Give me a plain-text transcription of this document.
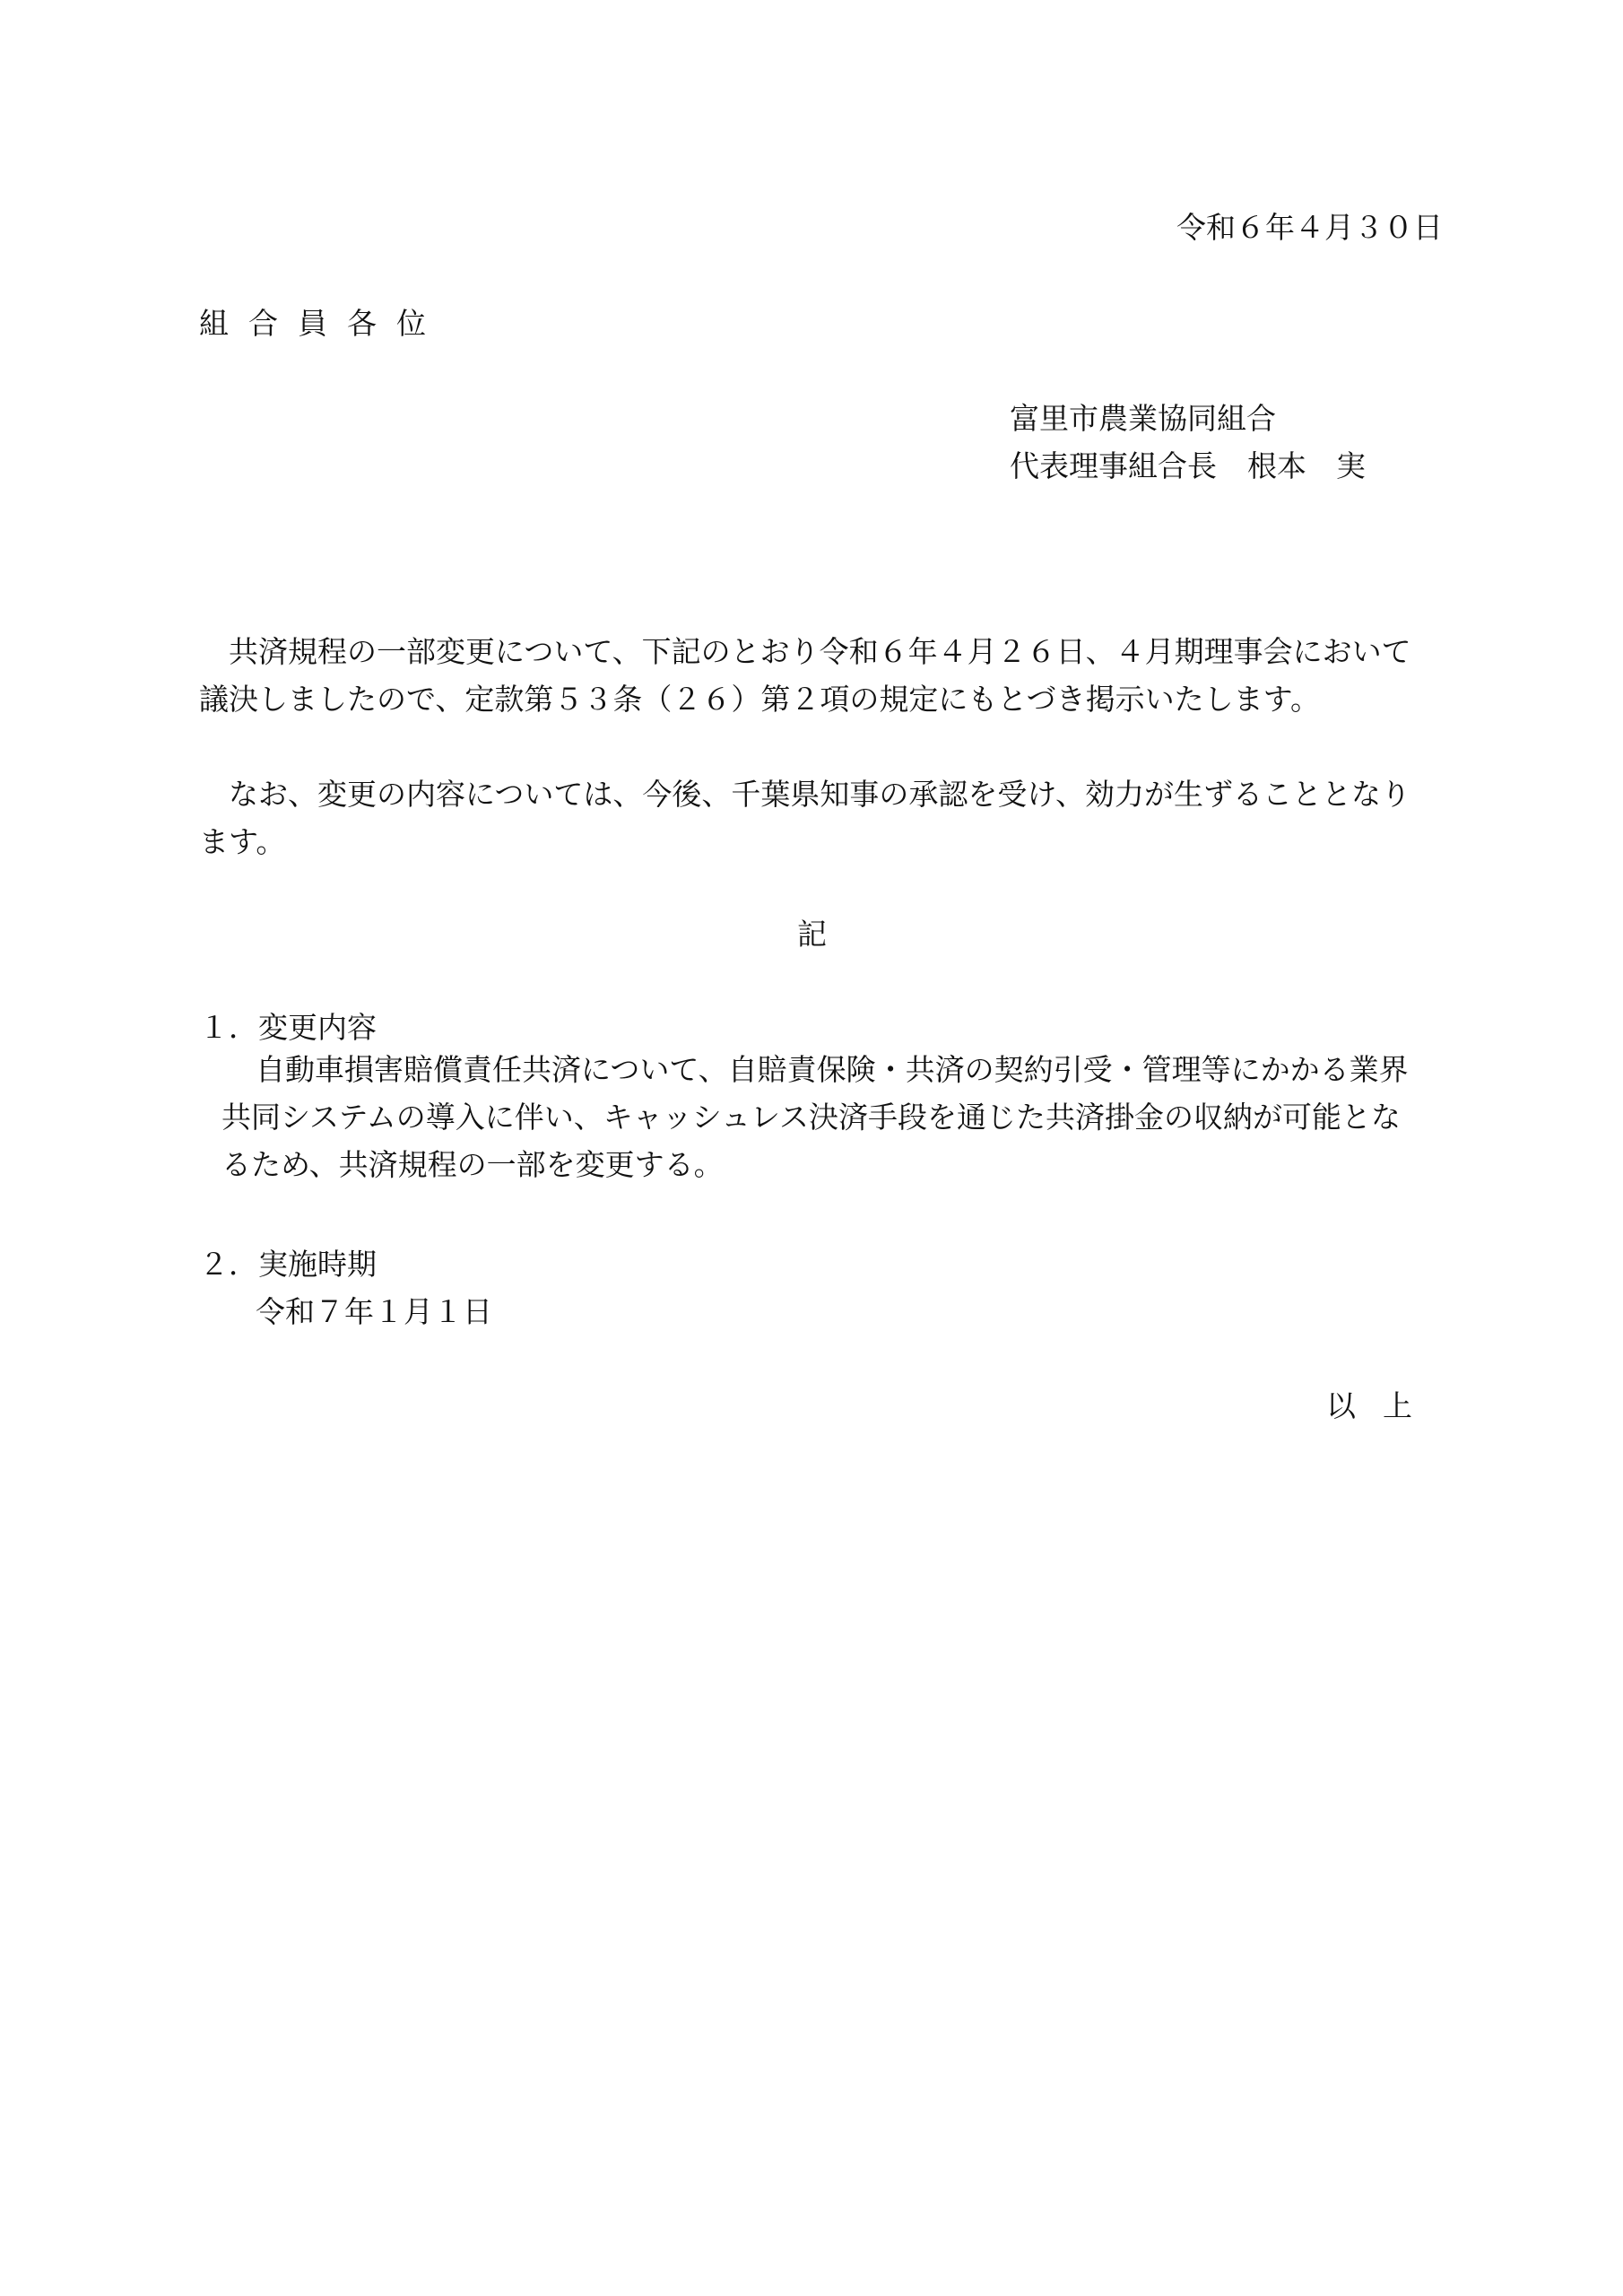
令和６年４月３０日
組合員各位
富里市農業協同組合
代表理事組合長 根本　実
共済規程の一部変更について、下記のとおり令和６年４月２６日、４月期理事会において議決しましたので、定款第５３条（２６）第２項の規定にもとづき掲示いたします。
なお、変更の内容については、今後、千葉県知事の承認を受け、効力が生ずることとなります。
記
１．変更内容
自動車損害賠償責任共済について、自賠責保険・共済の契約引受・管理等にかかる業界共同システムの導入に伴い、キャッシュレス決済手段を通じた共済掛金の収納が可能となるため、共済規程の一部を変更する。
２．実施時期
令和７年１月１日
以上
